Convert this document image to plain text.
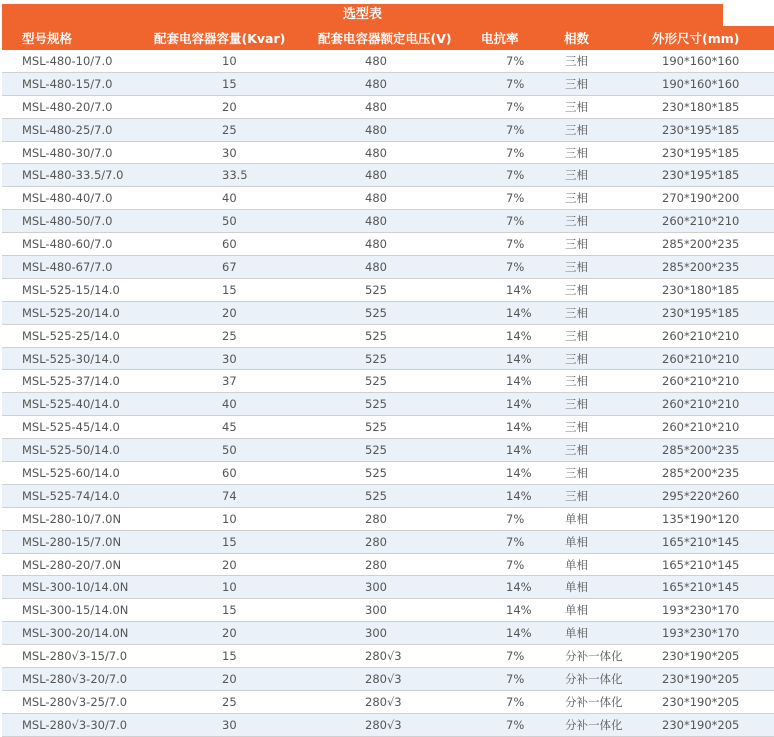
选型表
型号规格	配套电容器容量(Kvar)	配套电容器额定电压(V)	电抗率	相数	外形尺寸(mm)
MSL-480-10/7.0	10	480	7%	三相	190*160*160
MSL-480-15/7.0	15	480	7%	三相	190*160*160
MSL-480-20/7.0	20	480	7%	三相	230*180*185
MSL-480-25/7.0	25	480	7%	三相	230*195*185
MSL-480-30/7.0	30	480	7%	三相	230*195*185
MSL-480-33.5/7.0	33.5	480	7%	三相	230*195*185
MSL-480-40/7.0	40	480	7%	三相	270*190*200
MSL-480-50/7.0	50	480	7%	三相	260*210*210
MSL-480-60/7.0	60	480	7%	三相	285*200*235
MSL-480-67/7.0	67	480	7%	三相	285*200*235
MSL-525-15/14.0	15	525	14%	三相	230*180*185
MSL-525-20/14.0	20	525	14%	三相	230*195*185
MSL-525-25/14.0	25	525	14%	三相	260*210*210
MSL-525-30/14.0	30	525	14%	三相	260*210*210
MSL-525-37/14.0	37	525	14%	三相	260*210*210
MSL-525-40/14.0	40	525	14%	三相	260*210*210
MSL-525-45/14.0	45	525	14%	三相	260*210*210
MSL-525-50/14.0	50	525	14%	三相	285*200*235
MSL-525-60/14.0	60	525	14%	三相	285*200*235
MSL-525-74/14.0	74	525	14%	三相	295*220*260
MSL-280-10/7.0N	10	280	7%	单相	135*190*120
MSL-280-15/7.0N	15	280	7%	单相	165*210*145
MSL-280-20/7.0N	20	280	7%	单相	165*210*145
MSL-300-10/14.0N	10	300	14%	单相	165*210*145
MSL-300-15/14.0N	15	300	14%	单相	193*230*170
MSL-300-20/14.0N	20	300	14%	单相	193*230*170
MSL-280√3-15/7.0	15	280√3	7%	分补一体化	230*190*205
MSL-280√3-20/7.0	20	280√3	7%	分补一体化	230*190*205
MSL-280√3-25/7.0	25	280√3	7%	分补一体化	230*190*205
MSL-280√3-30/7.0	30	280√3	7%	分补一体化	230*190*205
